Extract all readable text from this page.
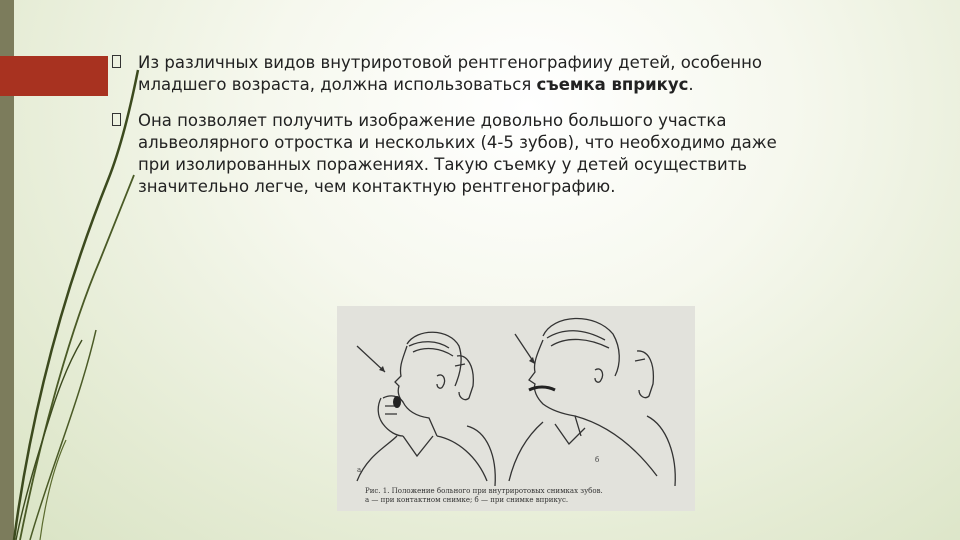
Из различных видов внутриротовой рентгенографииу детей, особенно младшего возраста, должна использоваться съемка вприкус.
Она позволяет получить изображение довольно большого участка альвеолярного отростка и нескольких (4-5 зубов), что необходимо даже при изолированных поражениях. Такую съемку у детей осуществить значительно легче, чем контактную рентгенографию.
а
б
Рис. 1. Положение больного при внутриротовых снимках зубов.
а — при контактном снимке; б — при снимке вприкус.
